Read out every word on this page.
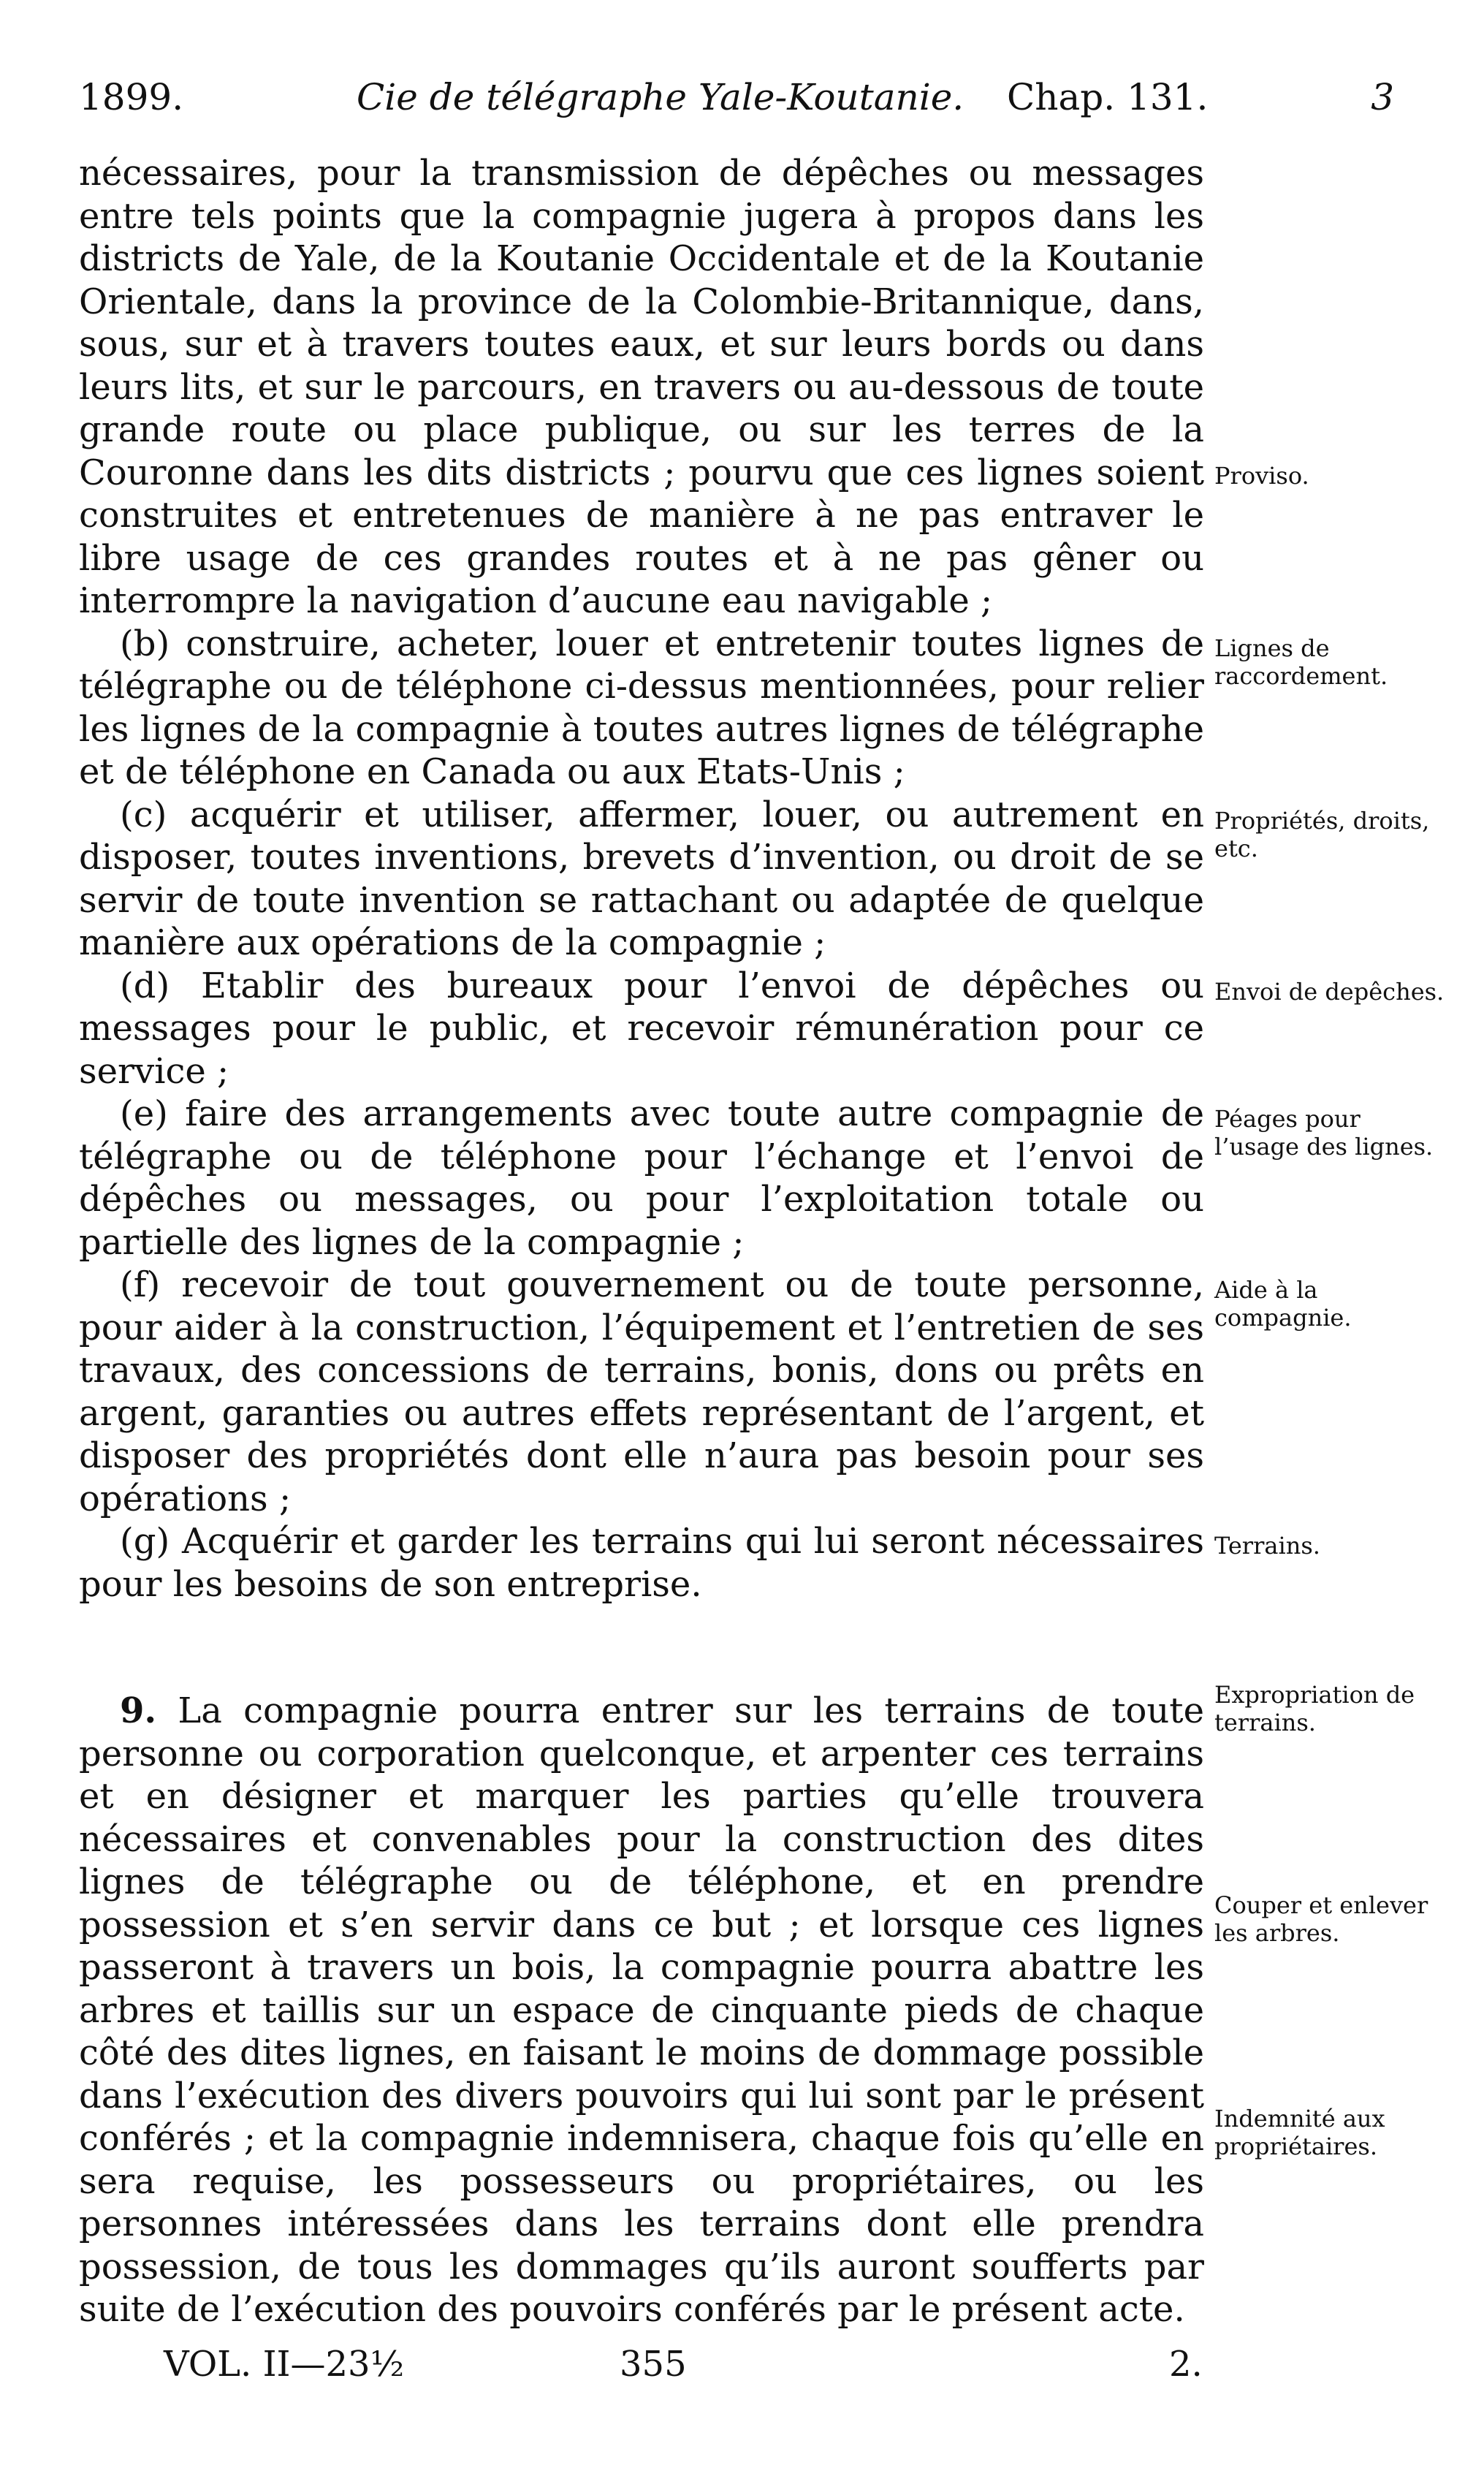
1899.	Cie de télégraphe Yale-Koutanie. Chap. 131.	3

nécessaires, pour la transmission de dépêches ou messages entre tels points que la compagnie jugera à propos dans les districts de Yale, de la Koutanie Occidentale et de la Koutanie Orientale, dans la province de la Colombie-Britannique, dans, sous, sur et à travers toutes eaux, et sur leurs bords ou dans leurs lits, et sur le parcours, en travers ou au-dessous de toute grande route ou place publique, ou sur les terres de la Couronne dans les dits districts ; pourvu que ces lignes soient construites et entretenues de manière à ne pas entraver le libre usage de ces grandes routes et à ne pas gêner ou interrompre la navigation d’aucune eau navigable ;

(b) construire, acheter, louer et entretenir toutes lignes de télégraphe ou de téléphone ci-dessus mentionnées, pour relier les lignes de la compagnie à toutes autres lignes de télégraphe et de téléphone en Canada ou aux Etats-Unis ;

(c) acquérir et utiliser, affermer, louer, ou autrement en disposer, toutes inventions, brevets d’invention, ou droit de se servir de toute invention se rattachant ou adaptée de quelque manière aux opérations de la compagnie ;

(d) Etablir des bureaux pour l’envoi de dépêches ou messages pour le public, et recevoir rémunération pour ce service ;

(e) faire des arrangements avec toute autre compagnie de télégraphe ou de téléphone pour l’échange et l’envoi de dépêches ou messages, ou pour l’exploitation totale ou partielle des lignes de la compagnie ;

(f) recevoir de tout gouvernement ou de toute personne, pour aider à la construction, l’équipement et l’entretien de ses travaux, des concessions de terrains, bonis, dons ou prêts en argent, garanties ou autres effets représentant de l’argent, et disposer des propriétés dont elle n’aura pas besoin pour ses opérations ;

(g) Acquérir et garder les terrains qui lui seront nécessaires pour les besoins de son entreprise.

9. La compagnie pourra entrer sur les terrains de toute personne ou corporation quelconque, et arpenter ces terrains et en désigner et marquer les parties qu’elle trouvera nécessaires et convenables pour la construction des dites lignes de télégraphe ou de téléphone, et en prendre possession et s’en servir dans ce but ; et lorsque ces lignes passeront à travers un bois, la compagnie pourra abattre les arbres et taillis sur un espace de cinquante pieds de chaque côté des dites lignes, en faisant le moins de dommage possible dans l’exécution des divers pouvoirs qui lui sont par le présent conférés ; et la compagnie indemnisera, chaque fois qu’elle en sera requise, les possesseurs ou propriétaires, ou les personnes intéressées dans les terrains dont elle prendra possession, de tous les dommages qu’ils auront soufferts par suite de l’exécution des pouvoirs conférés par le présent acte.

Proviso.
Lignes de raccordement.
Propriétés, droits, etc.
Envoi de depêches.
Péages pour l’usage des lignes.
Aide à la compagnie.
Terrains.
Expropriation de terrains.
Couper et enlever les arbres.
Indemnité aux propriétaires.
VOL. II—23½	355	2.
